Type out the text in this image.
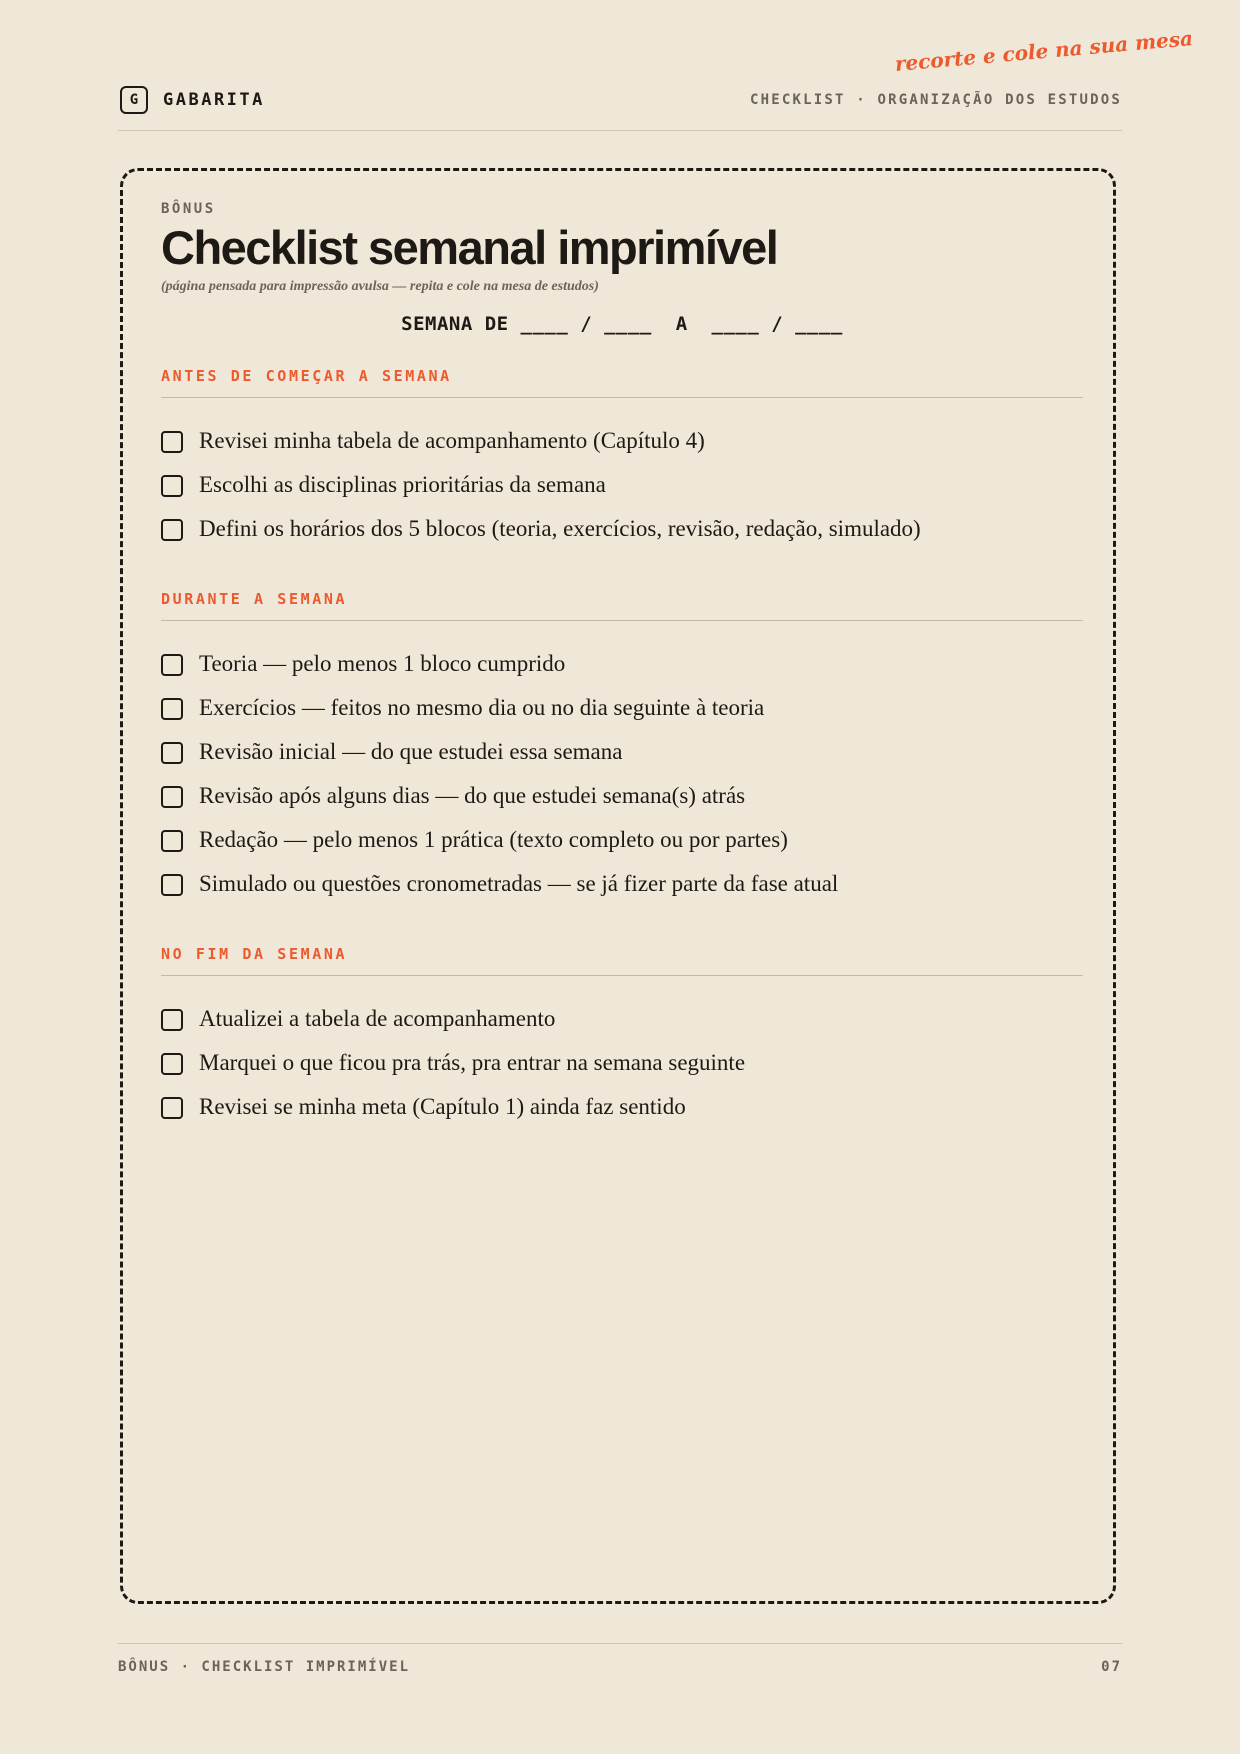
G	GABARITA	CHECKLIST · ORGANIZAÇÃO DOS ESTUDOS
recorte e cole na sua mesa
BÔNUS
Checklist semanal imprimível
(página pensada para impressão avulsa — repita e cole na mesa de estudos)
SEMANA DE ____ / ____  A  ____ / ____
ANTES DE COMEÇAR A SEMANA
Revisei minha tabela de acompanhamento (Capítulo 4)
Escolhi as disciplinas prioritárias da semana
Defini os horários dos 5 blocos (teoria, exercícios, revisão, redação, simulado)
DURANTE A SEMANA
Teoria — pelo menos 1 bloco cumprido
Exercícios — feitos no mesmo dia ou no dia seguinte à teoria
Revisão inicial — do que estudei essa semana
Revisão após alguns dias — do que estudei semana(s) atrás
Redação — pelo menos 1 prática (texto completo ou por partes)
Simulado ou questões cronometradas — se já fizer parte da fase atual
NO FIM DA SEMANA
Atualizei a tabela de acompanhamento
Marquei o que ficou pra trás, pra entrar na semana seguinte
Revisei se minha meta (Capítulo 1) ainda faz sentido
BÔNUS · CHECKLIST IMPRIMÍVEL	07
